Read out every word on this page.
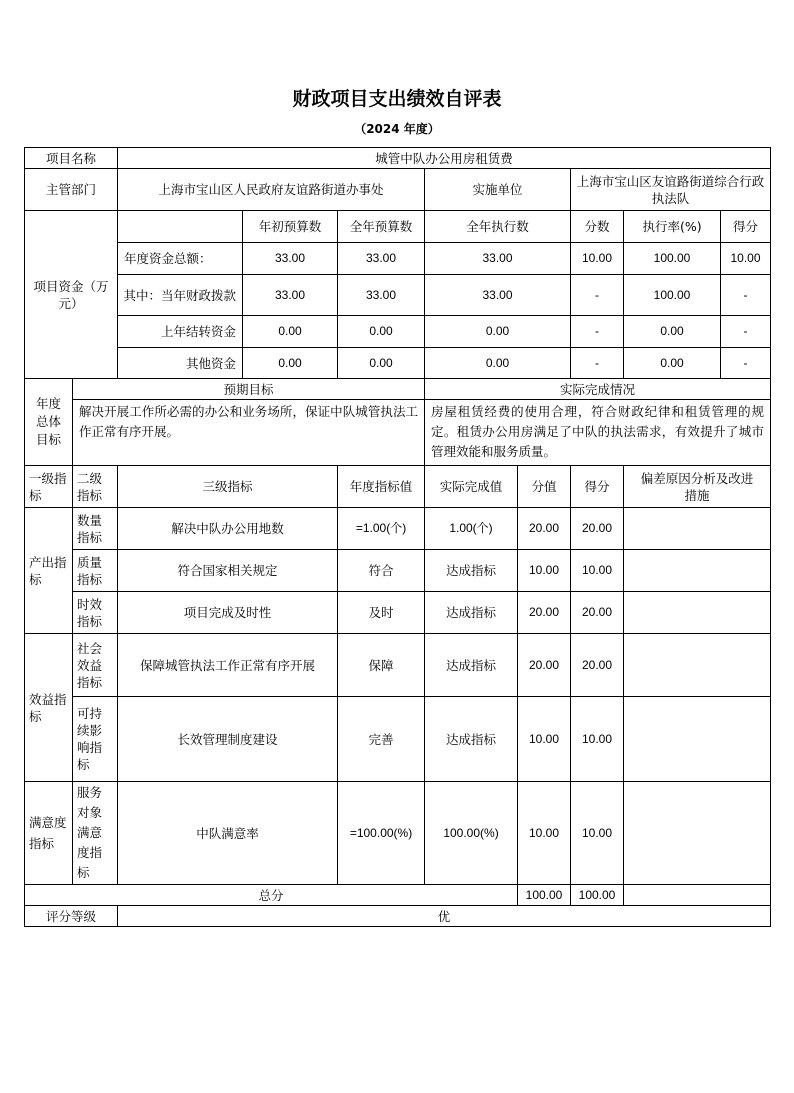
财政项目支出绩效自评表
（2024 年度）
项目名称		城管中队办公用房租赁费							
主管部门		上海市宝山区人民政府友谊路街道办事处			实施单位		上海市宝山区友谊路街道综合行政执法队		
项目资金（万元）			年初预算数	全年预算数	全年执行数		分数	执行率(%)	得分
		年度资金总额：	33.00	33.00	33.00		10.00	100.00	10.00
		其中：当年财政拨款	33.00	33.00	33.00		-	100.00	-
		上年结转资金	0.00	0.00	0.00		-	0.00	-
		其他资金	0.00	0.00	0.00		-	0.00	-
年度总体目标	预期目标				实际完成情况				
	解决开展工作所必需的办公和业务场所，保证中队城管执法工作正常有序开展。				房屋租赁经费的使用合理，符合财政纪律和租赁管理的规定。租赁办公用房满足了中队的执法需求，有效提升了城市管理效能和服务质量。				
一级指标	二级指标	三级指标		年度指标值	实际完成值	分值	得分	偏差原因分析及改进措施	
产出指标	数量指标	解决中队办公用地数		=1.00(个)	1.00(个)	20.00	20.00		
	质量指标	符合国家相关规定		符合	达成指标	10.00	10.00		
	时效指标	项目完成及时性		及时	达成指标	20.00	20.00		
效益指标	社会效益指标	保障城管执法工作正常有序开展		保障	达成指标	20.00	20.00		
	可持续影响指标	长效管理制度建设		完善	达成指标	10.00	10.00		
满意度指标	服务对象满意度指标	中队满意率		=100.00(%)	100.00(%)	10.00	10.00		
总分						100.00	100.00		
评分等级		优							
